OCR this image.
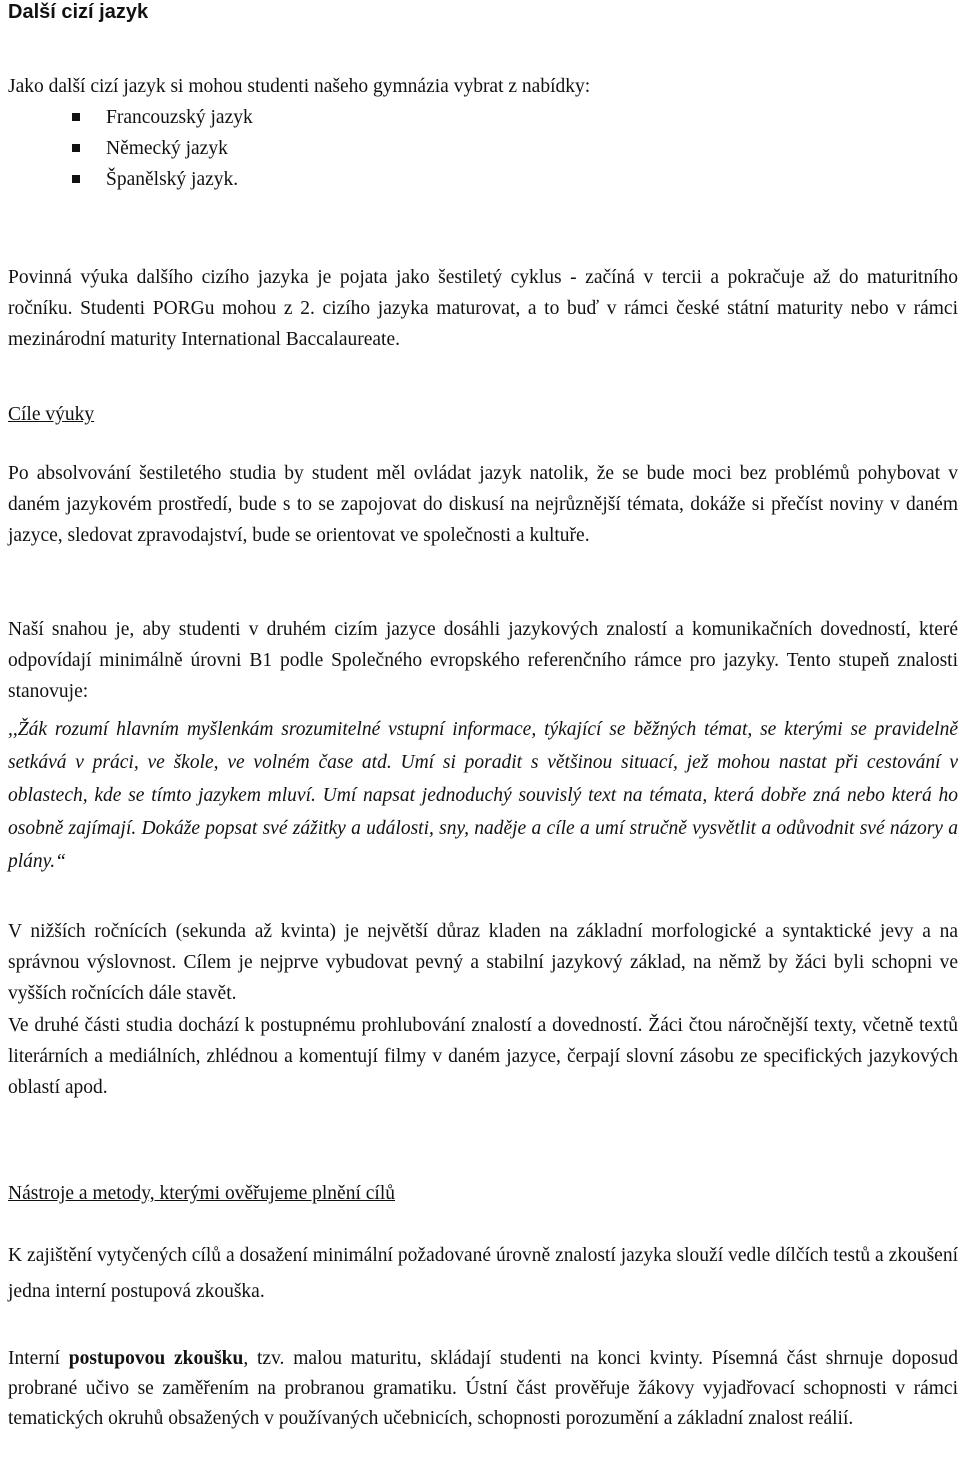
Další cizí jazyk
Jako další cizí jazyk si mohou studenti našeho gymnázia vybrat z nabídky:
Francouzský jazyk
Německý jazyk
Španělský jazyk.
Povinná výuka dalšího cizího jazyka je pojata jako šestiletý cyklus - začíná v tercii a pokračuje až do maturitního ročníku. Studenti PORGu mohou z 2. cizího jazyka maturovat, a to buď v rámci české státní maturity nebo v rámci mezinárodní maturity International Baccalaureate.
Cíle výuky
Po absolvování šestiletého studia by student měl ovládat jazyk natolik, že se bude moci bez problémů pohybovat v daném jazykovém prostředí, bude s to se zapojovat do diskusí na nejrůznější témata, dokáže si přečíst noviny v daném jazyce, sledovat zpravodajství, bude se orientovat ve společnosti a kultuře.
Naší snahou je, aby studenti v druhém cizím jazyce dosáhli jazykových znalostí a komunikačních dovedností, které odpovídají minimálně úrovni B1 podle Společného evropského referenčního rámce pro jazyky. Tento stupeň znalosti stanovuje:
,,Žák rozumí hlavním myšlenkám srozumitelné vstupní informace, týkající se běžných témat, se kterými se pravidelně setkává v práci, ve škole, ve volném čase atd. Umí si poradit s většinou situací, jež mohou nastat při cestování v oblastech, kde se tímto jazykem mluví. Umí napsat jednoduchý souvislý text na témata, která dobře zná nebo která ho osobně zajímají. Dokáže popsat své zážitky a události, sny, naděje a cíle a umí stručně vysvětlit a odůvodnit své názory a plány.“
V nižších ročnících (sekunda až kvinta) je největší důraz kladen na základní morfologické a syntaktické jevy a na správnou výslovnost. Cílem je nejprve vybudovat pevný a stabilní jazykový základ, na němž by žáci byli schopni ve vyšších ročnících dále stavět.
Ve druhé části studia dochází k postupnému prohlubování znalostí a dovedností. Žáci čtou náročnější texty, včetně textů literárních a mediálních, zhlédnou a komentují filmy v daném jazyce, čerpají slovní zásobu ze specifických jazykových oblastí apod.
Nástroje a metody, kterými ověřujeme plnění cílů
K zajištění vytyčených cílů a dosažení minimální požadované úrovně znalostí jazyka slouží vedle dílčích testů a zkoušení jedna interní postupová zkouška.
Interní postupovou zkoušku, tzv. malou maturitu, skládají studenti na konci kvinty. Písemná část shrnuje doposud probrané učivo se zaměřením na probranou gramatiku. Ústní část prověřuje žákovy vyjadřovací schopnosti v rámci tematických okruhů obsažených v používaných učebnicích, schopnosti porozumění a základní znalost reálií.
